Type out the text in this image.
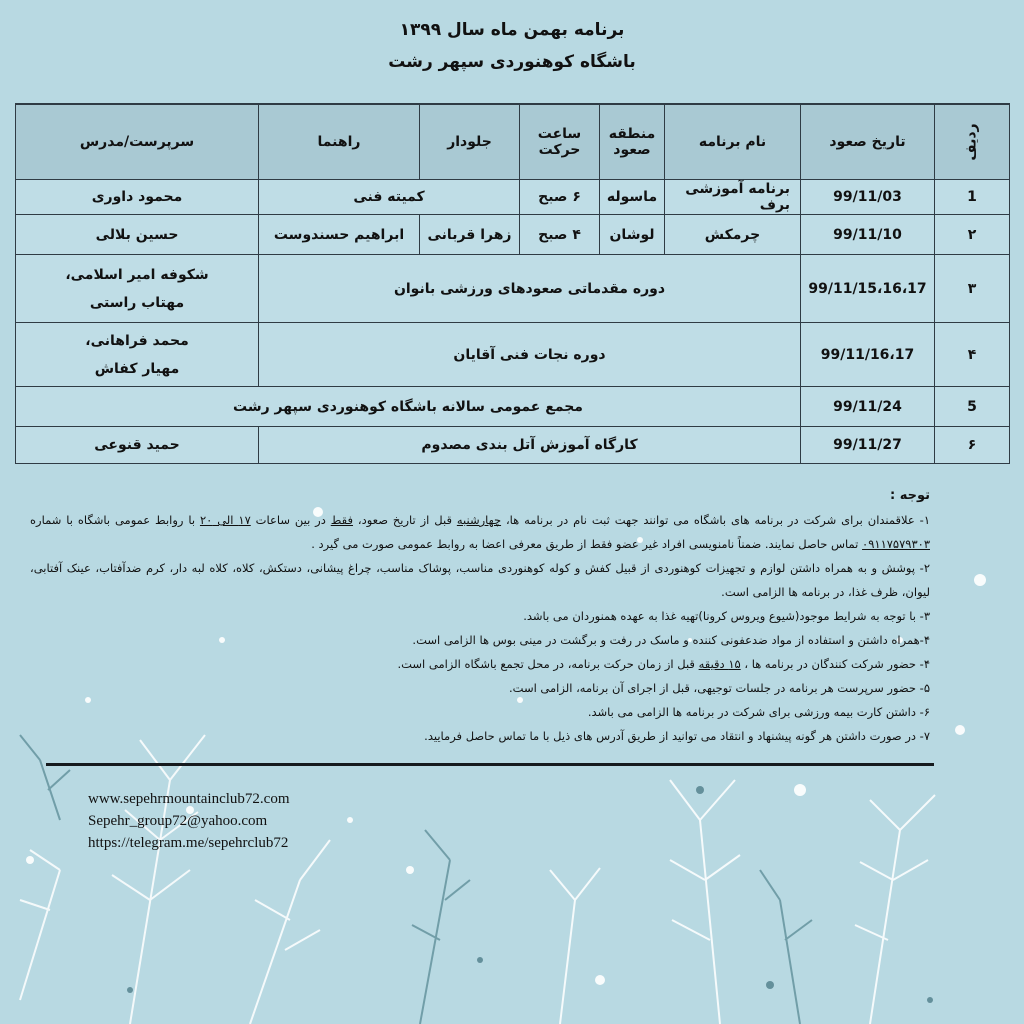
برنامه بهمن ماه سال ۱۳۹۹
باشگاه کوهنوردی سپهر رشت
ردیف	تاریخ صعود	نام برنامه	منطقه صعود	ساعت حرکت	جلودار	راهنما	سرپرست/مدرس
1	99/11/03	برنامه آموزشی برف	ماسوله	۶ صبح	کمیته فنی		محمود داوری
۲	99/11/10	چرمکش	لوشان	۴ صبح	زهرا قربانی	ابراهیم حسندوست	حسین بلالی
۳	99/11/15،16،17	دوره مقدماتی صعودهای ورزشی بانوان					شکوفه امیر اسلامی،
مهتاب راستی

۴	99/11/16،17	دوره نجات فنی آقایان					محمد فراهانی،
مهیار کفاش

5	99/11/24	مجمع عمومی سالانه باشگاه کوهنوردی سپهر رشت					
۶	99/11/27	کارگاه آموزش آتل بندی مصدوم					حمید قنوعی

توجه :

۱- علاقمندان برای شرکت در برنامه های باشگاه می توانند جهت ثبت نام در برنامه ها، چهارشنبه قبل از تاریخ صعود، فقط در بین ساعات ۱۷ الی ۲۰ با روابط عمومی باشگاه با شماره ۰۹۱۱۷۵۷۹۳۰۳ تماس حاصل نمایند. ضمناً نامنویسی افراد غیر عضو فقط از طریق معرفی اعضا به روابط عمومی صورت می گیرد .

۲- پوشش و به همراه داشتن لوازم و تجهیزات کوهنوردی از قبیل کفش و کوله کوهنوردی مناسب، پوشاک مناسب، چراغ پیشانی، دستکش، کلاه، کلاه لبه دار، کرم ضدآفتاب، عینک آفتابی، لیوان، ظرف غذا، در برنامه ها الزامی است.

۳- با توجه به شرایط موجود(شیوع ویروس کرونا)تهیه غذا به عهده همنوردان می باشد.

۴-همراه داشتن و استفاده از مواد ضدعفونی کننده و ماسک در رفت و برگشت در مینی بوس ها الزامی است.

۴- حضور شرکت کنندگان در برنامه ها ، ۱۵ دقیقه قبل از زمان حرکت برنامه، در محل تجمع باشگاه الزامی است.

۵- حضور سرپرست هر برنامه در جلسات توجیهی، قبل از اجرای آن برنامه، الزامی است.

۶- داشتن کارت بیمه ورزشی برای شرکت در برنامه ها الزامی می باشد.

۷- در صورت داشتن هر گونه پیشنهاد و انتقاد می توانید از طریق آدرس های ذیل با ما تماس حاصل فرمایید.

www.sepehrmountainclub72.com
Sepehr_group72@yahoo.com
https://telegram.me/sepehrclub72
